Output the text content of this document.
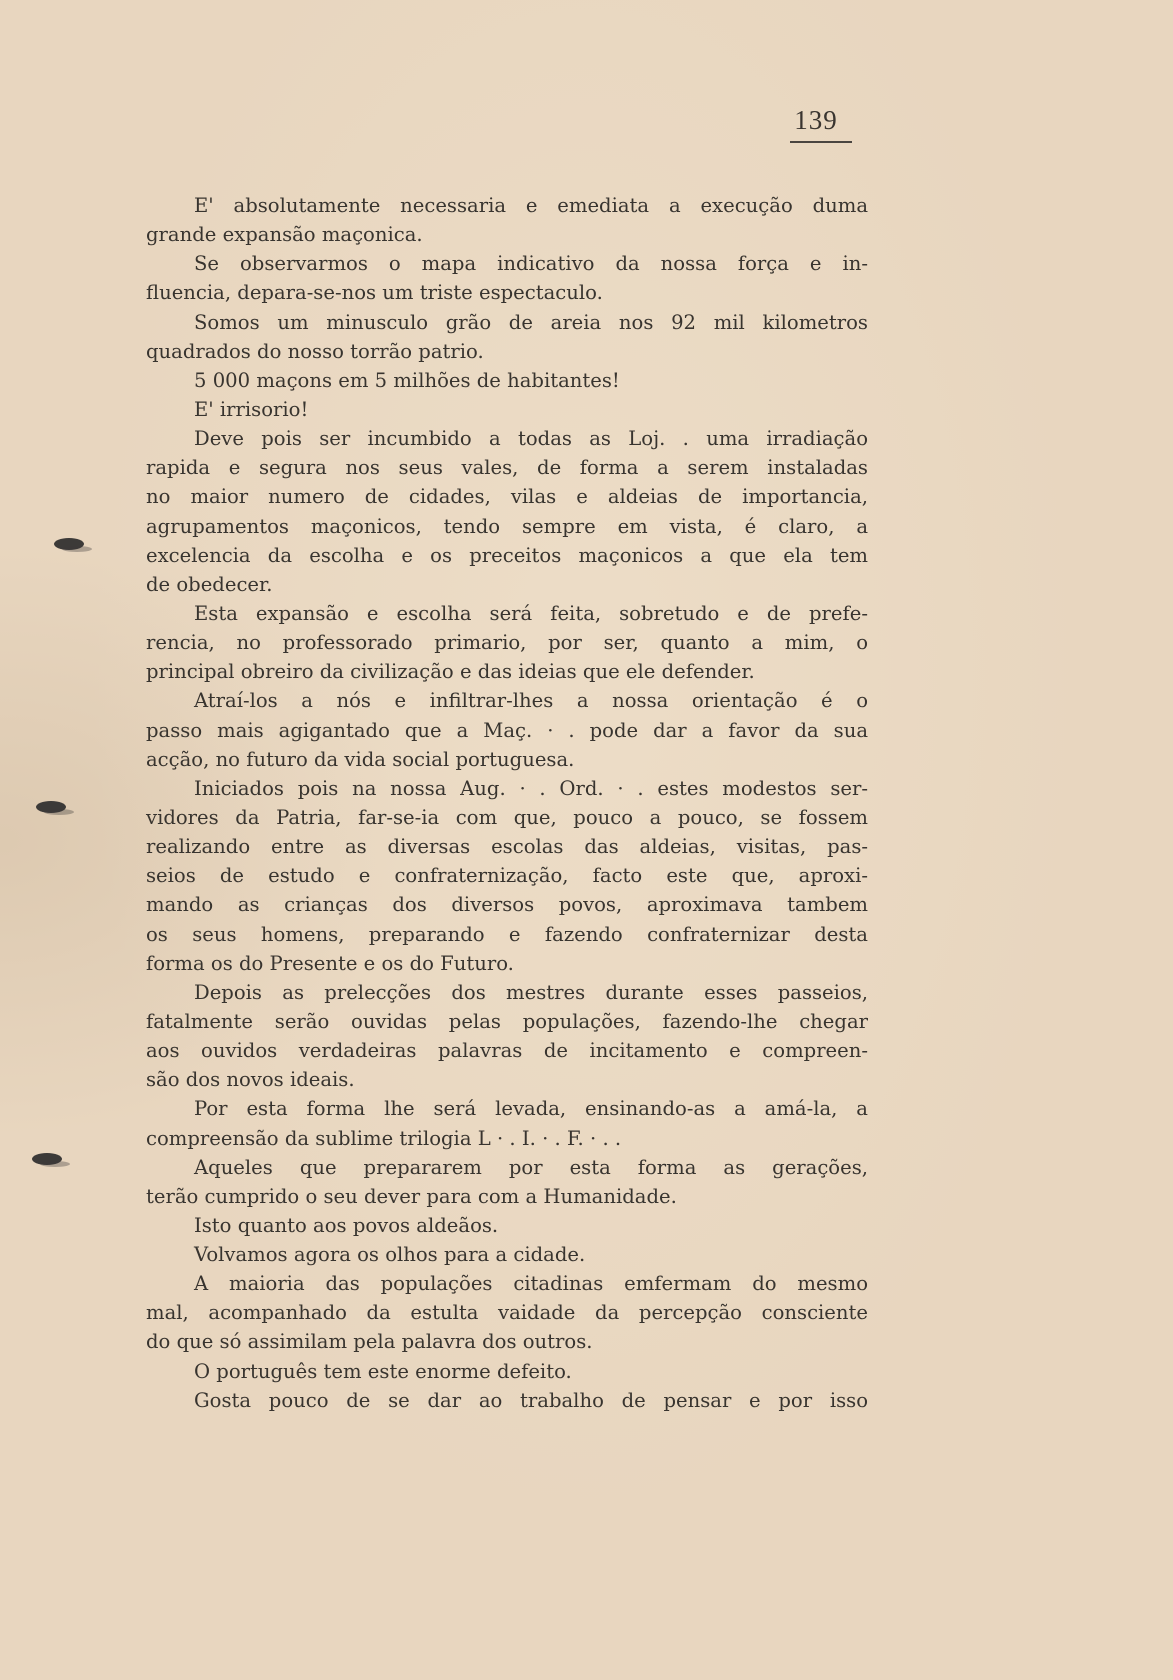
139
E' absolutamente necessaria e emediata a execução duma
grande expansão maçonica.
Se observarmos o mapa indicativo da nossa força e in-
fluencia, depara-se-nos um triste espectaculo.
Somos um minusculo grão de areia nos 92 mil kilometros
quadrados do nosso torrão patrio.
5 000 maçons em 5 milhões de habitantes!
E' irrisorio!
Deve pois ser incumbido a todas as Loj. . uma irradiação
rapida e segura nos seus vales, de forma a serem instaladas
no maior numero de cidades, vilas e aldeias de importancia,
agrupamentos maçonicos, tendo sempre em vista, é claro, a
excelencia da escolha e os preceitos maçonicos a que ela tem
de obedecer.
Esta expansão e escolha será feita, sobretudo e de prefe-
rencia, no professorado primario, por ser, quanto a mim, o
principal obreiro da civilização e das ideias que ele defender.
Atraí-los a nós e infiltrar-lhes a nossa orientação é o
passo mais agigantado que a Maç. · . pode dar a favor da sua
acção, no futuro da vida social portuguesa.
Iniciados pois na nossa Aug. · . Ord. · . estes modestos ser-
vidores da Patria, far-se-ia com que, pouco a pouco, se fossem
realizando entre as diversas escolas das aldeias, visitas, pas-
seios de estudo e confraternização, facto este que, aproxi-
mando as crianças dos diversos povos, aproximava tambem
os seus homens, preparando e fazendo confraternizar desta
forma os do Presente e os do Futuro.
Depois as prelecções dos mestres durante esses passeios,
fatalmente serão ouvidas pelas populações, fazendo-lhe chegar
aos ouvidos verdadeiras palavras de incitamento e compreen-
são dos novos ideais.
Por esta forma lhe será levada, ensinando-as a amá-la, a
compreensão da sublime trilogia L · . I. · . F. · . .
Aqueles que prepararem por esta forma as gerações,
terão cumprido o seu dever para com a Humanidade.
Isto quanto aos povos aldeãos.
Volvamos agora os olhos para a cidade.
A maioria das populações citadinas emfermam do mesmo
mal, acompanhado da estulta vaidade da percepção consciente
do que só assimilam pela palavra dos outros.
O português tem este enorme defeito.
Gosta pouco de se dar ao trabalho de pensar e por isso
